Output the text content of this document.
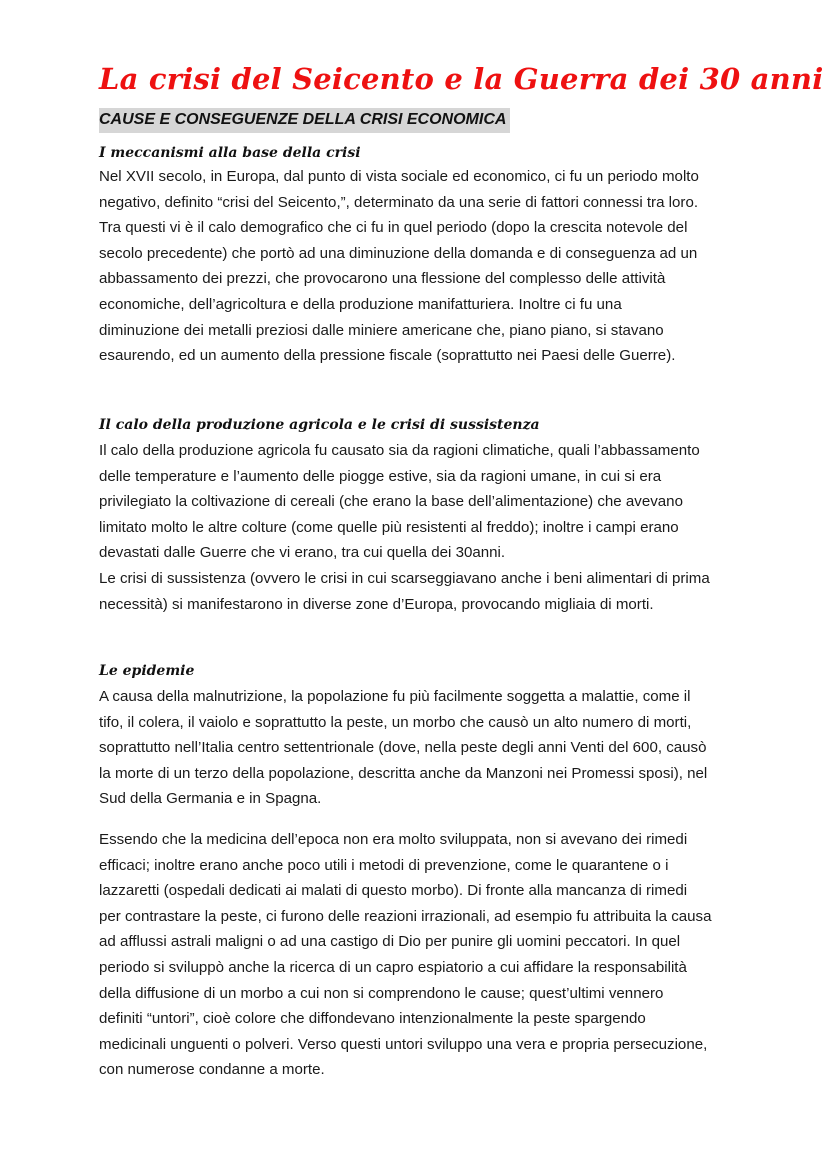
La crisi del Seicento e la Guerra dei 30 anni
CAUSE E CONSEGUENZE DELLA CRISI ECONOMICA
I meccanismi alla base della crisi

Nel XVII secolo, in Europa, dal punto di vista sociale ed economico, ci fu un periodo molto
negativo, definito “crisi del Seicento,”, determinato da una serie di fattori connessi tra loro.
Tra questi vi è il calo demografico che ci fu in quel periodo (dopo la crescita notevole del
secolo precedente) che portò ad una diminuzione della domanda e di conseguenza ad un
abbassamento dei prezzi, che provocarono una flessione del complesso delle attività
economiche, dell’agricoltura e della produzione manifatturiera. Inoltre ci fu una
diminuzione dei metalli preziosi dalle miniere americane che, piano piano, si stavano
esaurendo, ed un aumento della pressione fiscale (soprattutto nei Paesi delle Guerre).

Il calo della produzione agricola e le crisi di sussistenza

Il calo della produzione agricola fu causato sia da ragioni climatiche, quali l’abbassamento
delle temperature e l’aumento delle piogge estive, sia da ragioni umane, in cui si era
privilegiato la coltivazione di cereali (che erano la base dell’alimentazione) che avevano
limitato molto le altre colture (come quelle più resistenti al freddo); inoltre i campi erano
devastati dalle Guerre che vi erano, tra cui quella dei 30anni.
Le crisi di sussistenza (ovvero le crisi in cui scarseggiavano anche i beni alimentari di prima
necessità) si manifestarono in diverse zone d’Europa, provocando migliaia di morti.

Le epidemie

A causa della malnutrizione, la popolazione fu più facilmente soggetta a malattie, come il
tifo, il colera, il vaiolo e soprattutto la peste, un morbo che causò un alto numero di morti,
soprattutto nell’Italia centro settentrionale (dove, nella peste degli anni Venti del 600, causò
la morte di un terzo della popolazione, descritta anche da Manzoni nei Promessi sposi), nel
Sud della Germania e in Spagna.

Essendo che la medicina dell’epoca non era molto sviluppata, non si avevano dei rimedi
efficaci; inoltre erano anche poco utili i metodi di prevenzione, come le quarantene o i
lazzaretti (ospedali dedicati ai malati di questo morbo). Di fronte alla mancanza di rimedi
per contrastare la peste, ci furono delle reazioni irrazionali, ad esempio fu attribuita la causa
ad afflussi astrali maligni o ad una castigo di Dio per punire gli uomini peccatori. In quel
periodo si sviluppò anche la ricerca di un capro espiatorio a cui affidare la responsabilità
della diffusione di un morbo a cui non si comprendono le cause; quest’ultimi vennero
definiti “untori”, cioè colore che diffondevano intenzionalmente la peste spargendo
medicinali unguenti o polveri. Verso questi untori sviluppo una vera e propria persecuzione,
con numerose condanne a morte.
